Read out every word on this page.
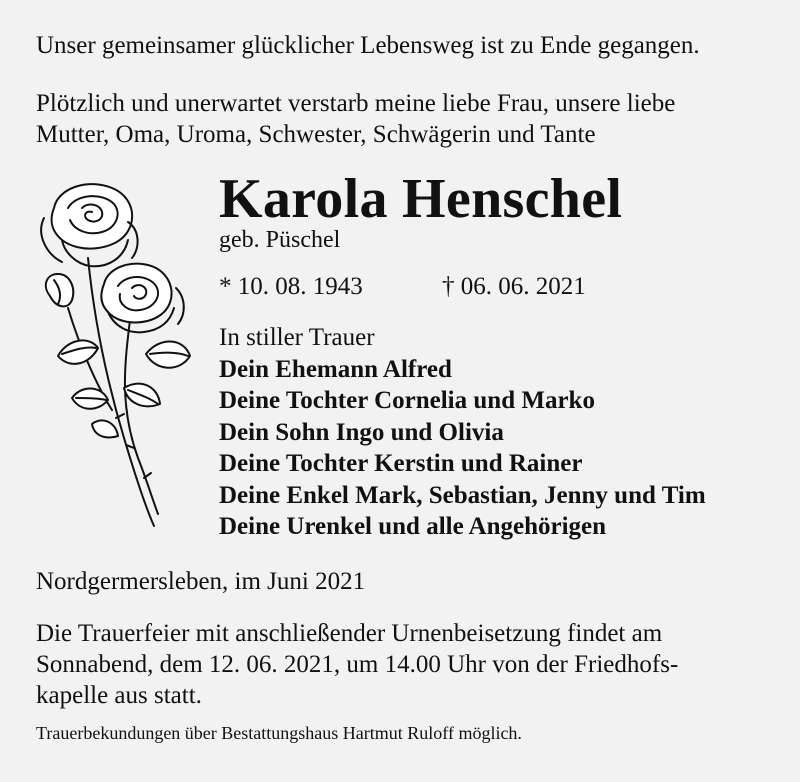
Unser gemeinsamer glücklicher Lebensweg ist zu Ende gegangen.

Plötzlich und unerwartet verstarb meine liebe Frau, unsere liebe
Mutter, Oma, Uroma, Schwester, Schwägerin und Tante

Karola Henschel
geb. Püschel
* 10. 08. 1943	† 06. 06. 2021
In stiller Trauer
Dein Ehemann Alfred
Deine Tochter Cornelia und Marko
Dein Sohn Ingo und Olivia
Deine Tochter Kerstin und Rainer
Deine Enkel Mark, Sebastian, Jenny und Tim
Deine Urenkel und alle Angehörigen

Nordgermersleben, im Juni 2021

Die Trauerfeier mit anschließender Urnenbeisetzung findet am
Sonnabend, dem 12. 06. 2021, um 14.00 Uhr von der Friedhofs-
kapelle aus statt.

Trauerbekundungen über Bestattungshaus Hartmut Ruloff möglich.
